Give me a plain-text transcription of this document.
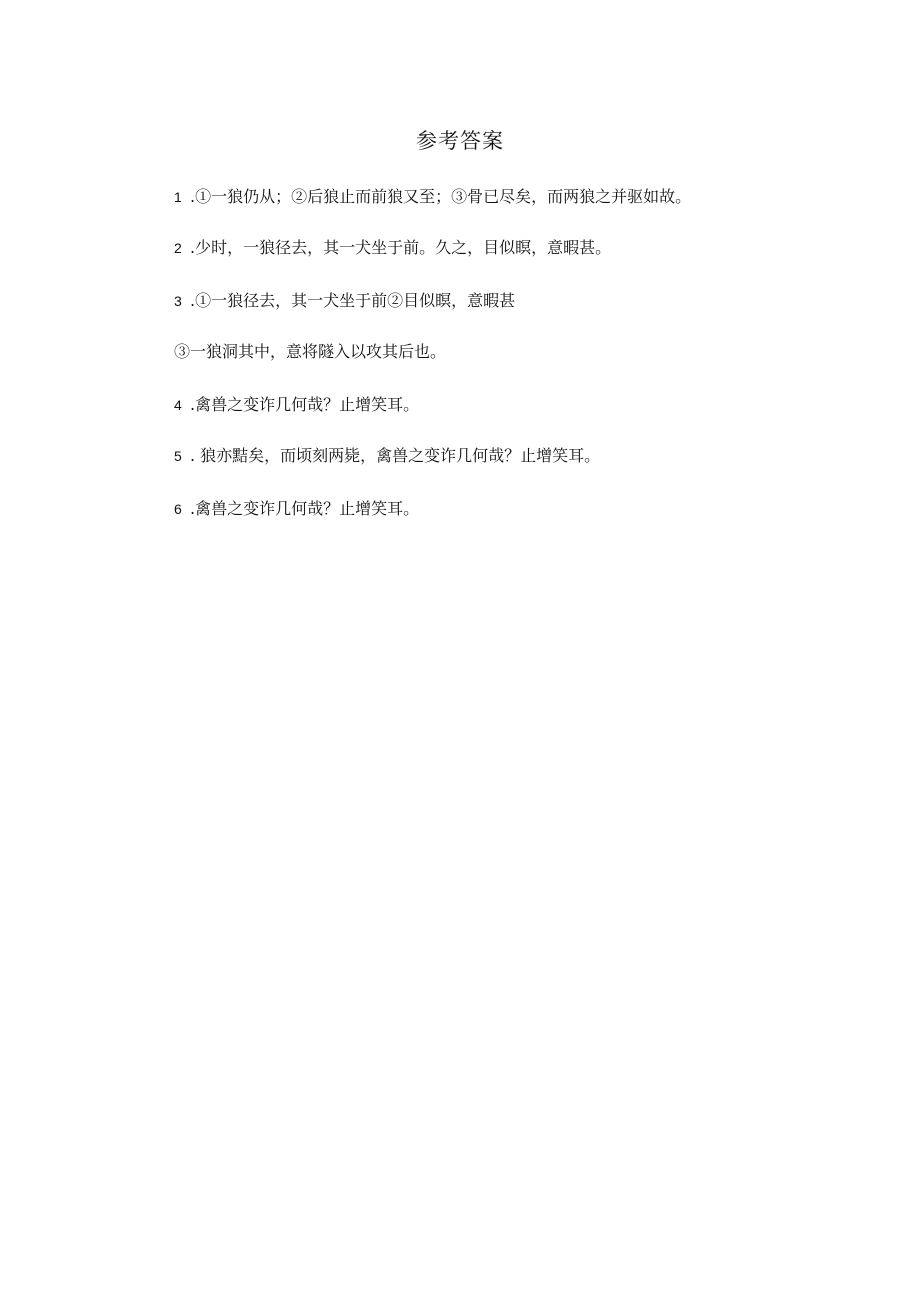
参考答案
1 .①一狼仍从；②后狼止而前狼又至；③骨已尽矣，而两狼之并驱如故。
2 .少时，一狼径去，其一犬坐于前。久之，目似瞑，意暇甚。
3 .①一狼径去，其一犬坐于前②目似瞑，意暇甚
③一狼洞其中，意将隧入以攻其后也。
4 .禽兽之变诈几何哉？止增笑耳。
5 . 狼亦黠矣，而顷刻两毙，禽兽之变诈几何哉？止增笑耳。
6 .禽兽之变诈几何哉？止增笑耳。
